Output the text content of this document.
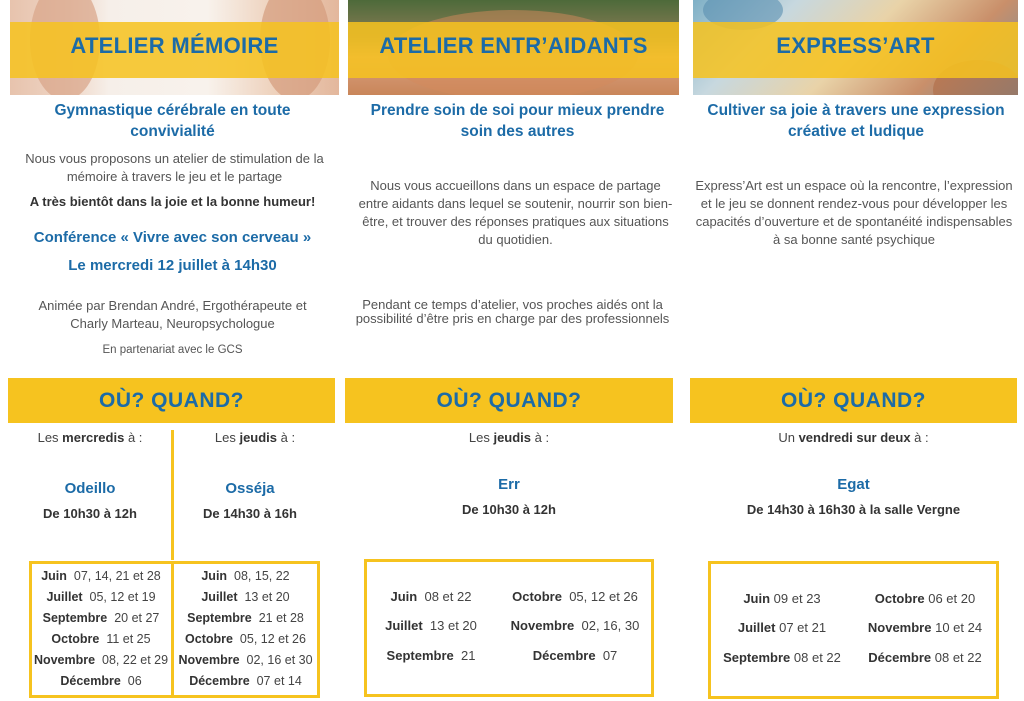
ATELIER MÉMOIRE
Gymnastique cérébrale en toute convivialité
Nous vous proposons un atelier de stimulation de la mémoire à travers le jeu et le partage
A très bientôt dans la joie et la bonne humeur!
Conférence « Vivre avec son cerveau »
Le mercredi 12 juillet à 14h30
Animée par Brendan André, Ergothérapeute et Charly Marteau, Neuropsychologue
En partenariat avec le GCS
OÙ? QUAND?
Les mercredis à :
Odeillo
De 10h30 à 12h
Les jeudis à :
Osséja
De 14h30 à 16h
Juin 07, 14, 21 et 28
Juillet 05, 12 et 19
Septembre 20 et 27
Octobre 11 et 25
Novembre 08, 22 et 29
Décembre 06
Juin 08, 15, 22
Juillet 13 et 20
Septembre 21 et 28
Octobre 05, 12 et 26
Novembre 02, 16 et 30
Décembre 07 et 14
ATELIER ENTR’AIDANTS
Prendre soin de soi pour mieux prendre soin des autres
Nous vous accueillons dans un espace de partage entre aidants dans lequel se soutenir, nourrir son bien-être, et trouver des réponses pratiques aux situations du quotidien.
Pendant ce temps d’atelier, vos proches aidés ont la possibilité d’être pris en charge par des professionnels
OÙ? QUAND?
Les jeudis à :
Err
De 10h30 à 12h
Juin 08 et 22
Juillet 13 et 20
Septembre 21
Octobre 05, 12 et 26
Novembre 02, 16, 30
Décembre 07
EXPRESS’ART
Cultiver sa joie à travers une expression créative et ludique
Express’Art est un espace où la rencontre, l’expression et le jeu se donnent rendez-vous pour développer les capacités d’ouverture et de spontanéité indispensables à sa bonne santé psychique
OÙ? QUAND?
Un vendredi sur deux à :
Egat
De 14h30 à 16h30 à la salle Vergne
Juin 09 et 23
Juillet 07 et 21
Septembre 08 et 22
Octobre 06 et 20
Novembre 10 et 24
Décembre 08 et 22
